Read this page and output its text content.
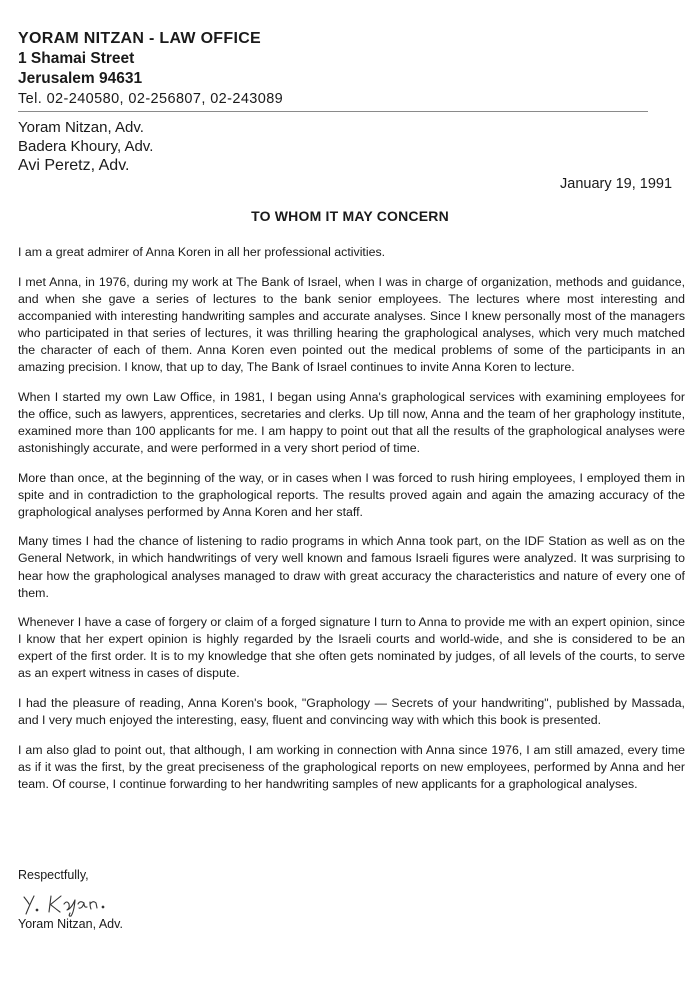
YORAM NITZAN - LAW OFFICE

1 Shamai Street

Jerusalem 94631

Tel. 02-240580, 02-256807, 02-243089

Yoram Nitzan, Adv.

Badera Khoury, Adv.

Avi Peretz, Adv.

January 19, 1991
TO WHOM IT MAY CONCERN

I am a great admirer of Anna Koren in all her professional activities.

I met Anna, in 1976, during my work at The Bank of Israel, when I was in charge of organization, methods and guidance, and when she gave a series of lectures to the bank senior employees. The lectures where most interesting and accompanied with interesting handwriting samples and accurate analyses. Since I knew personally most of the managers who participated in that series of lectures, it was thrilling hearing the graphological analyses, which very much matched the character of each of them. Anna Koren even pointed out the medical problems of some of the participants in an amazing precision. I know, that up to day, The Bank of Israel continues to invite Anna Koren to lecture.

When I started my own Law Office, in 1981, I began using Anna's graphological services with examining employees for the office, such as lawyers, apprentices, secretaries and clerks. Up till now, Anna and the team of her graphology institute, examined more than 100 applicants for me. I am happy to point out that all the results of the graphological analyses were astonishingly accurate, and were performed in a very short period of time.

More than once, at the beginning of the way, or in cases when I was forced to rush hiring employees, I employed them in spite and in contradiction to the graphological reports. The results proved again and again the amazing accuracy of the graphological analyses performed by Anna Koren and her staff.

Many times I had the chance of listening to radio programs in which Anna took part, on the IDF Station as well as on the General Network, in which handwritings of very well known and famous Israeli figures were analyzed. It was surprising to hear how the graphological analyses managed to draw with great accuracy the characteristics and nature of every one of them.

Whenever I have a case of forgery or claim of a forged signature I turn to Anna to provide me with an expert opinion, since I know that her expert opinion is highly regarded by the Israeli courts and world-wide, and she is considered to be an expert of the first order. It is to my knowledge that she often gets nominated by judges, of all levels of the courts, to serve as an expert witness in cases of dispute.

I had the pleasure of reading, Anna Koren's book, "Graphology — Secrets of your handwriting", published by Massada, and I very much enjoyed the interesting, easy, fluent and convincing way with which this book is presented.

I am also glad to point out, that although, I am working in connection with Anna since 1976, I am still amazed, every time as if it was the first, by the great preciseness of the graphological reports on new employees, performed by Anna and her team. Of course, I continue forwarding to her handwriting samples of new applicants for a graphological analyses.

Respectfully,
Yoram Nitzan, Adv.
